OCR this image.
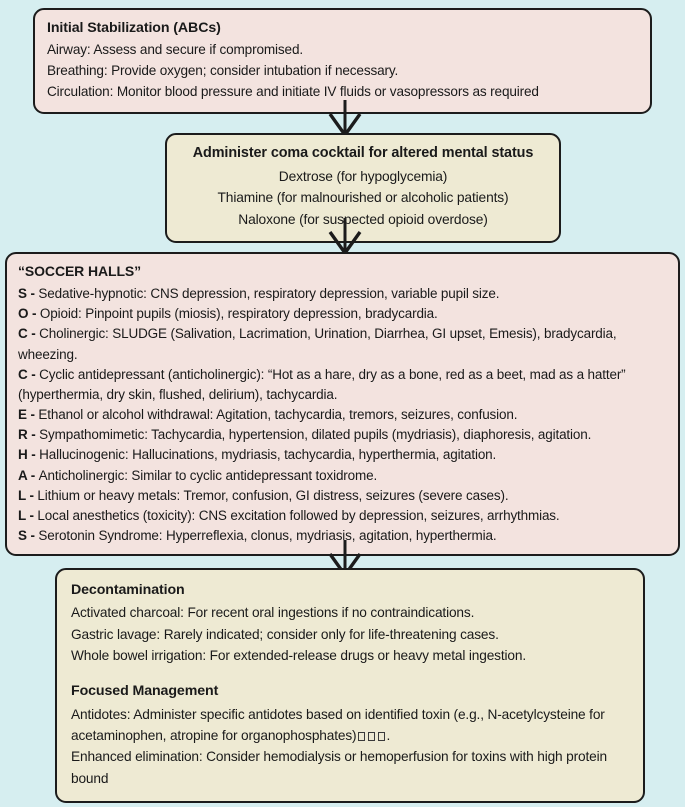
Initial Stabilization (ABCs)
Airway: Assess and secure if compromised.
Breathing: Provide oxygen; consider intubation if necessary.
Circulation: Monitor blood pressure and initiate IV fluids or vasopressors as required
Administer coma cocktail for altered mental status
Dextrose (for hypoglycemia)
Thiamine (for malnourished or alcoholic patients)
Naloxone (for suspected opioid overdose)
“SOCCER HALLS”
S - Sedative-hypnotic: CNS depression, respiratory depression, variable pupil size.
O - Opioid: Pinpoint pupils (miosis), respiratory depression, bradycardia.
C - Cholinergic: SLUDGE (Salivation, Lacrimation, Urination, Diarrhea, GI upset, Emesis), bradycardia, wheezing.
C - Cyclic antidepressant (anticholinergic): “Hot as a hare, dry as a bone, red as a beet, mad as a hatter” (hyperthermia, dry skin, flushed, delirium), tachycardia.
E - Ethanol or alcohol withdrawal: Agitation, tachycardia, tremors, seizures, confusion.
R - Sympathomimetic: Tachycardia, hypertension, dilated pupils (mydriasis), diaphoresis, agitation.
H - Hallucinogenic: Hallucinations, mydriasis, tachycardia, hyperthermia, agitation.
A - Anticholinergic: Similar to cyclic antidepressant toxidrome.
L - Lithium or heavy metals: Tremor, confusion, GI distress, seizures (severe cases).
L - Local anesthetics (toxicity): CNS excitation followed by depression, seizures, arrhythmias.
S - Serotonin Syndrome: Hyperreflexia, clonus, mydriasis, agitation, hyperthermia.
Decontamination
Activated charcoal: For recent oral ingestions if no contraindications.
Gastric lavage: Rarely indicated; consider only for life-threatening cases.
Whole bowel irrigation: For extended-release drugs or heavy metal ingestion.
Focused Management
Antidotes: Administer specific antidotes based on identified toxin (e.g., N-acetylcysteine for acetaminophen, atropine for organophosphates) .
Enhanced elimination: Consider hemodialysis or hemoperfusion for toxins with high protein bound
